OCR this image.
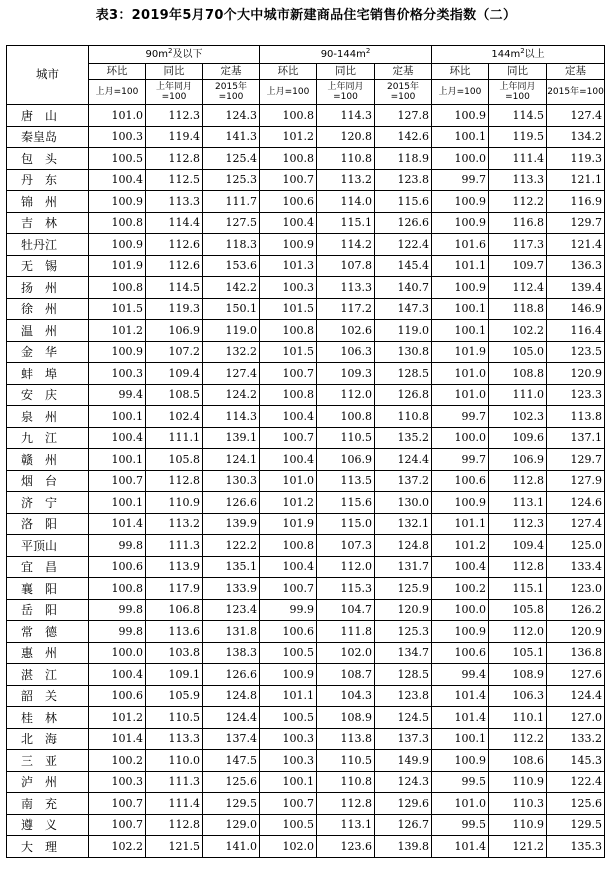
表3：2019年5月70个大中城市新建商品住宅销售价格分类指数（二）
城市	$90m^2$及以下			$90-144m^2$			$144m^2$以上		
	环比	同比	定基	环比	同比	定基	环比	同比	定基
	上月=100	上年同月=100	2015年=100	上月=100	上年同月=100	2015年=100	上月=100	上年同月=100	2015年=100
唐　山	101.0	112.3	124.3	100.8	114.3	127.8	100.9	114.5	127.4
秦皇岛	100.3	119.4	141.3	101.2	120.8	142.6	100.1	119.5	134.2
包　头	100.5	112.8	125.4	100.8	110.8	118.9	100.0	111.4	119.3
丹　东	100.4	112.5	125.3	100.7	113.2	123.8	99.7	113.3	121.1
锦　州	100.9	113.3	111.7	100.6	114.0	115.6	100.9	112.2	116.9
吉　林	100.8	114.4	127.5	100.4	115.1	126.6	100.9	116.8	129.7
牡丹江	100.9	112.6	118.3	100.9	114.2	122.4	101.6	117.3	121.4
无　锡	101.9	112.6	153.6	101.3	107.8	145.4	101.1	109.7	136.3
扬　州	100.8	114.5	142.2	100.3	113.3	140.7	100.9	112.4	139.4
徐　州	101.5	119.3	150.1	101.5	117.2	147.3	100.1	118.8	146.9
温　州	101.2	106.9	119.0	100.8	102.6	119.0	100.1	102.2	116.4
金　华	100.9	107.2	132.2	101.5	106.3	130.8	101.9	105.0	123.5
蚌　埠	100.3	109.4	127.4	100.7	109.3	128.5	101.0	108.8	120.9
安　庆	99.4	108.5	124.2	100.8	112.0	126.8	101.0	111.0	123.3
泉　州	100.1	102.4	114.3	100.4	100.8	110.8	99.7	102.3	113.8
九　江	100.4	111.1	139.1	100.7	110.5	135.2	100.0	109.6	137.1
赣　州	100.1	105.8	124.1	100.4	106.9	124.4	99.7	106.9	129.7
烟　台	100.7	112.8	130.3	101.0	113.5	137.2	100.6	112.8	127.9
济　宁	100.1	110.9	126.6	101.2	115.6	130.0	100.9	113.1	124.6
洛　阳	101.4	113.2	139.9	101.9	115.0	132.1	101.1	112.3	127.4
平顶山	99.8	111.3	122.2	100.8	107.3	124.8	101.2	109.4	125.0
宜　昌	100.6	113.9	135.1	100.4	112.0	131.7	100.4	112.8	133.4
襄　阳	100.8	117.9	133.9	100.7	115.3	125.9	100.2	115.1	123.0
岳　阳	99.8	106.8	123.4	99.9	104.7	120.9	100.0	105.8	126.2
常　德	99.8	113.6	131.8	100.6	111.8	125.3	100.9	112.0	120.9
惠　州	100.0	103.8	138.3	100.5	102.0	134.7	100.6	105.1	136.8
湛　江	100.4	109.1	126.6	100.9	108.7	128.5	99.4	108.9	127.6
韶　关	100.6	105.9	124.8	101.1	104.3	123.8	101.4	106.3	124.4
桂　林	101.2	110.5	124.4	100.5	108.9	124.5	101.4	110.1	127.0
北　海	101.4	113.3	137.4	100.3	113.8	137.3	100.1	112.2	133.2
三　亚	100.2	110.0	147.5	100.3	110.5	149.9	100.9	108.6	145.3
泸　州	100.3	111.3	125.6	100.1	110.8	124.3	99.5	110.9	122.4
南　充	100.7	111.4	129.5	100.7	112.8	129.6	101.0	110.3	125.6
遵　义	100.7	112.8	129.0	100.5	113.1	126.7	99.5	110.9	129.5
大　理	102.2	121.5	141.0	102.0	123.6	139.8	101.4	121.2	135.3
